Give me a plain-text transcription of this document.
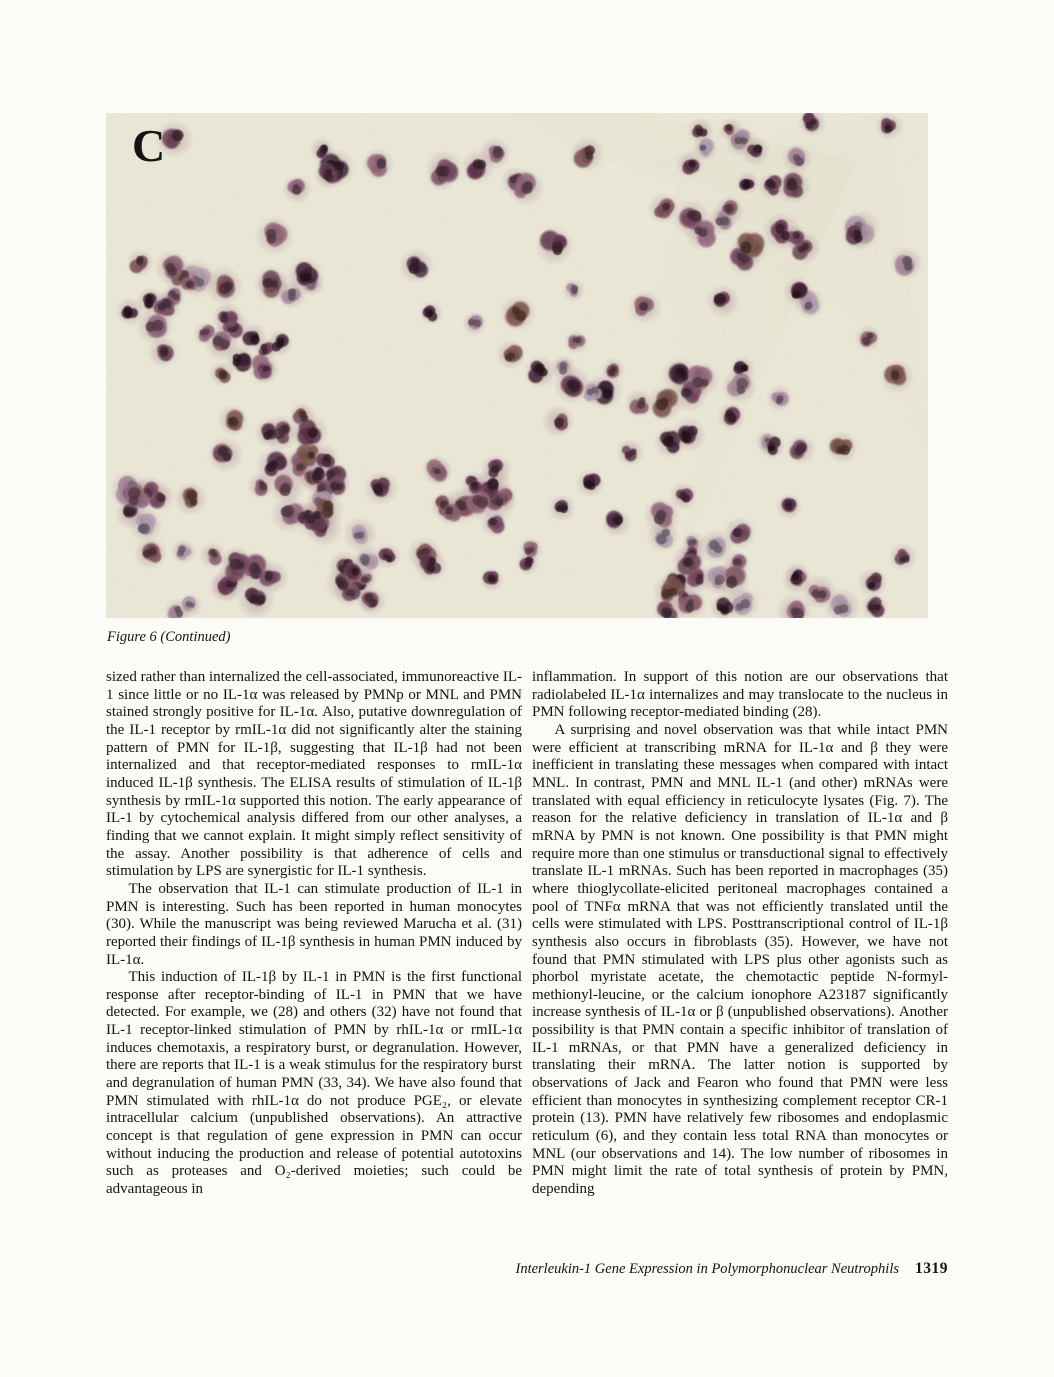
C
Figure 6 (Continued)

sized rather than internalized the cell-associated, immunoreactive IL-1 since little or no IL-1α was released by PMNp or MNL and PMN stained strongly positive for IL-1α. Also, putative downregulation of the IL-1 receptor by rmIL-1α did not significantly alter the staining pattern of PMN for IL-1β, suggesting that IL-1β had not been internalized and that receptor-mediated responses to rmIL-1α induced IL-1β synthesis. The ELISA results of stimulation of IL-1β synthesis by rmIL-1α supported this notion. The early appearance of IL-1 by cytochemical analysis differed from our other analyses, a finding that we cannot explain. It might simply reflect sensitivity of the assay. Another possibility is that adherence of cells and stimulation by LPS are synergistic for IL-1 synthesis.

The observation that IL-1 can stimulate production of IL-1 in PMN is interesting. Such has been reported in human monocytes (30). While the manuscript was being reviewed Marucha et al. (31) reported their findings of IL-1β synthesis in human PMN induced by IL-1α.

This induction of IL-1β by IL-1 in PMN is the first functional response after receptor-binding of IL-1 in PMN that we have detected. For example, we (28) and others (32) have not found that IL-1 receptor-linked stimulation of PMN by rhIL-1α or rmIL-1α induces chemotaxis, a respiratory burst, or degranulation. However, there are reports that IL-1 is a weak stimulus for the respiratory burst and degranulation of human PMN (33, 34). We have also found that PMN stimulated with rhIL-1α do not produce PGE₂, or elevate intracellular calcium (unpublished observations). An attractive concept is that regulation of gene expression in PMN can occur without inducing the production and release of potential autotoxins such as proteases and O₂-derived moieties; such could be advantageous in

inflammation. In support of this notion are our observations that radiolabeled IL-1α internalizes and may translocate to the nucleus in PMN following receptor-mediated binding (28).

A surprising and novel observation was that while intact PMN were efficient at transcribing mRNA for IL-1α and β they were inefficient in translating these messages when compared with intact MNL. In contrast, PMN and MNL IL-1 (and other) mRNAs were translated with equal efficiency in reticulocyte lysates (Fig. 7). The reason for the relative deficiency in translation of IL-1α and β mRNA by PMN is not known. One possibility is that PMN might require more than one stimulus or transductional signal to effectively translate IL-1 mRNAs. Such has been reported in macrophages (35) where thioglycollate-elicited peritoneal macrophages contained a pool of TNFα mRNA that was not efficiently translated until the cells were stimulated with LPS. Posttranscriptional control of IL-1β synthesis also occurs in fibroblasts (35). However, we have not found that PMN stimulated with LPS plus other agonists such as phorbol myristate acetate, the chemotactic peptide N-formyl-methionyl-leucine, or the calcium ionophore A23187 significantly increase synthesis of IL-1α or β (unpublished observations). Another possibility is that PMN contain a specific inhibitor of translation of IL-1 mRNAs, or that PMN have a generalized deficiency in translating their mRNA. The latter notion is supported by observations of Jack and Fearon who found that PMN were less efficient than monocytes in synthesizing complement receptor CR-1 protein (13). PMN have relatively few ribosomes and endoplasmic reticulum (6), and they contain less total RNA than monocytes or MNL (our observations and 14). The low number of ribosomes in PMN might limit the rate of total synthesis of protein by PMN, depending

Interleukin-1 Gene Expression in Polymorphonuclear Neutrophils 1319
